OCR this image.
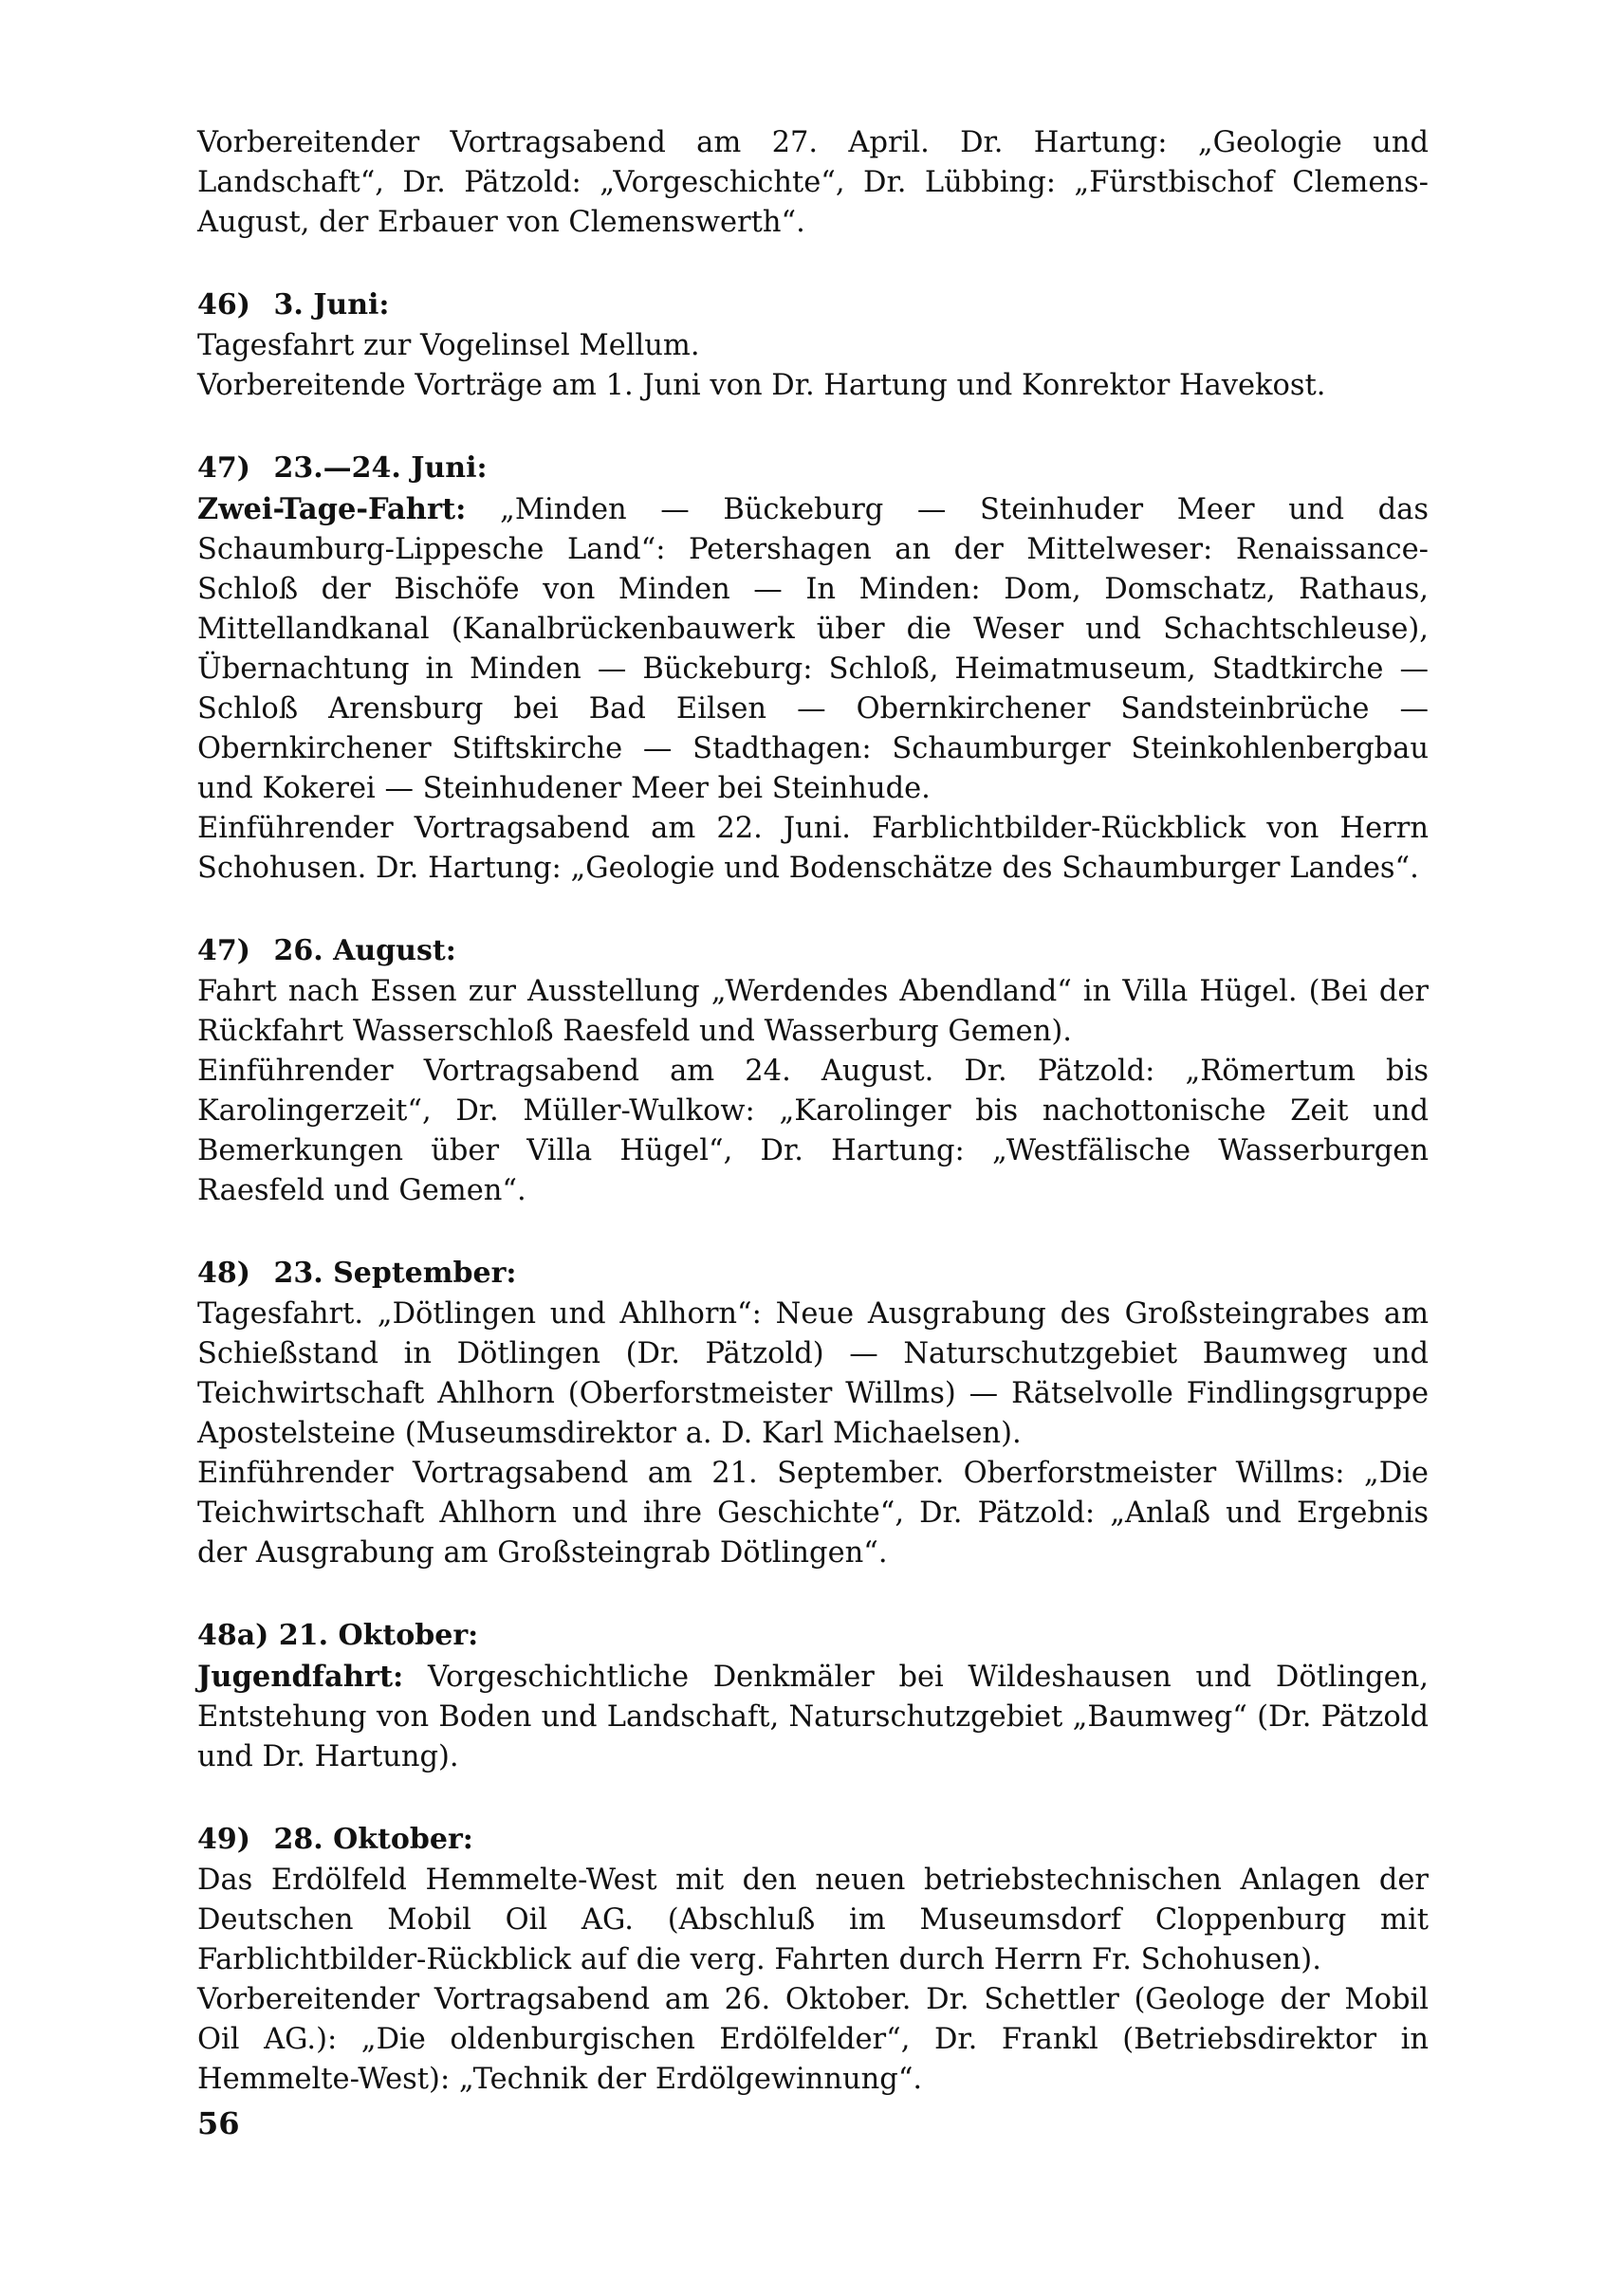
Vorbereitender Vortragsabend am 27. April. Dr. Hartung: „Geologie und Landschaft“, Dr. Pätzold: „Vorgeschichte“, Dr. Lübbing: „Fürstbischof Clemens-August, der Erbauer von Clemenswerth“.

46) 3. Juni:

Tagesfahrt zur Vogelinsel Mellum.

Vorbereitende Vorträge am 1. Juni von Dr. Hartung und Konrektor Havekost.

47) 23.—24. Juni:

Zwei-Tage-Fahrt: „Minden — Bückeburg — Steinhuder Meer und das Schaumburg-Lippesche Land“: Petershagen an der Mittelweser: Renaissance-Schloß der Bischöfe von Minden — In Minden: Dom, Domschatz, Rathaus, Mittellandkanal (Kanalbrückenbauwerk über die Weser und Schachtschleuse), Übernachtung in Minden — Bückeburg: Schloß, Heimatmuseum, Stadtkirche — Schloß Arensburg bei Bad Eilsen — Obernkirchener Sandsteinbrüche — Obernkirchener Stiftskirche — Stadthagen: Schaumburger Steinkohlenbergbau und Kokerei — Steinhudener Meer bei Steinhude.

Einführender Vortragsabend am 22. Juni. Farblichtbilder-Rückblick von Herrn Schohusen. Dr. Hartung: „Geologie und Bodenschätze des Schaumburger Landes“.

47) 26. August:

Fahrt nach Essen zur Ausstellung „Werdendes Abendland“ in Villa Hügel. (Bei der Rückfahrt Wasserschloß Raesfeld und Wasserburg Gemen).

Einführender Vortragsabend am 24. August. Dr. Pätzold: „Römertum bis Karolingerzeit“, Dr. Müller-Wulkow: „Karolinger bis nachottonische Zeit und Bemerkungen über Villa Hügel“, Dr. Hartung: „Westfälische Wasserburgen Raesfeld und Gemen“.

48) 23. September:

Tagesfahrt. „Dötlingen und Ahlhorn“: Neue Ausgrabung des Großsteingrabes am Schießstand in Dötlingen (Dr. Pätzold) — Naturschutzgebiet Baumweg und Teichwirtschaft Ahlhorn (Oberforstmeister Willms) — Rätselvolle Findlingsgruppe Apostelsteine (Museumsdirektor a. D. Karl Michaelsen).

Einführender Vortragsabend am 21. September. Oberforstmeister Willms: „Die Teichwirtschaft Ahlhorn und ihre Geschichte“, Dr. Pätzold: „Anlaß und Ergebnis der Ausgrabung am Großsteingrab Dötlingen“.

48a) 21. Oktober:

Jugendfahrt: Vorgeschichtliche Denkmäler bei Wildeshausen und Dötlingen, Entstehung von Boden und Landschaft, Naturschutzgebiet „Baumweg“ (Dr. Pätzold und Dr. Hartung).

49) 28. Oktober:

Das Erdölfeld Hemmelte-West mit den neuen betriebstechnischen Anlagen der Deutschen Mobil Oil AG. (Abschluß im Museumsdorf Cloppenburg mit Farblichtbilder-Rückblick auf die verg. Fahrten durch Herrn Fr. Schohusen).

Vorbereitender Vortragsabend am 26. Oktober. Dr. Schettler (Geologe der Mobil Oil AG.): „Die oldenburgischen Erdölfelder“, Dr. Frankl (Betriebsdirektor in Hemmelte-West): „Technik der Erdölgewinnung“.

56
